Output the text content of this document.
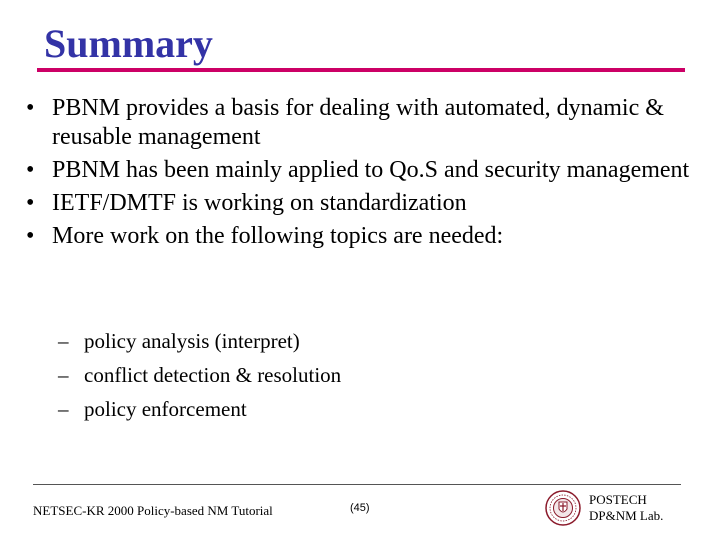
Summary
• PBNM provides a basis for dealing with automated, dynamic & reusable management
• PBNM has been mainly applied to Qo.S and security management
• IETF/DMTF is working on standardization
• More work on the following topics are needed:
– policy analysis (interpret)
– conflict detection & resolution
– policy enforcement
NETSEC-KR 2000 Policy-based NM Tutorial	(45)
POSTECH
DP&NM Lab.
